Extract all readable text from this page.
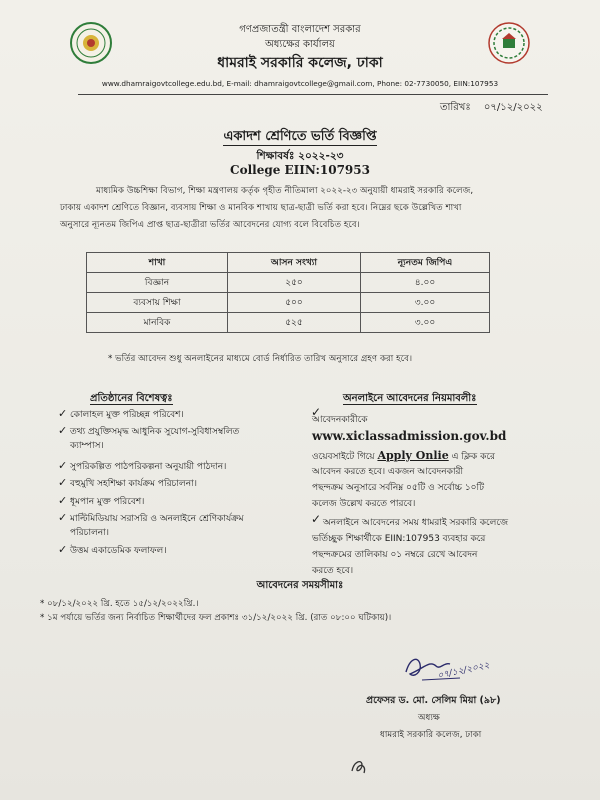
গণপ্রজাতন্ত্রী বাংলাদেশ সরকার
অধ্যক্ষের কার্যালয়
ধামরাই সরকারি কলেজ, ঢাকা
www.dhamraigovtcollege.edu.bd, E-mail: dhamraigovtcollege@gmail.com, Phone: 02-7730050, EIIN:107953
তারিখঃ ০৭/১২/২০২২
একাদশ শ্রেণিতে ভর্তি বিজ্ঞপ্তি
শিক্ষাবর্ষঃ ২০২২-২৩
College EIIN:107953
মাধ্যমিক উচ্চশিক্ষা বিভাগ, শিক্ষা মন্ত্রণালয় কর্তৃক গৃহীত নীতিমালা ২০২২-২৩ অনুযায়ী ধামরাই সরকারি কলেজ,
ঢাকায় একাদশ শ্রেণিতে বিজ্ঞান, ব্যবসায় শিক্ষা ও মানবিক শাখায় ছাত্র-ছাত্রী ভর্তি করা হবে। নিম্নের ছকে উল্লেখিত শাখা
অনুসারে ন্যূনতম জিপিএ প্রাপ্ত ছাত্র-ছাত্রীরা ভর্তির আবেদনের যোগ্য বলে বিবেচিত হবে।
শাখা	আসন সংখ্যা	ন্যূনতম জিপিএ
বিজ্ঞান	২৫০	৪.০০
ব্যবসায় শিক্ষা	৫০০	৩.০০
মানবিক	৫২৫	৩.০০
* ভর্তির আবেদন শুধু অনলাইনের মাধ্যমে বোর্ড নির্ধারিত তারিখ অনুসারে গ্রহণ করা হবে।
প্রতিষ্ঠানের বিশেষত্বঃ	অনলাইনে আবেদনের নিয়মাবলীঃ
✓ কোলাহল মুক্ত পরিচ্ছন্ন পরিবেশ।
✓ তথ্য প্রযুক্তিসমৃদ্ধ আধুনিক সুযোগ-সুবিধাসম্বলিত
ক্যাম্পাস।
✓ সুপরিকল্পিত পাঠপরিকল্পনা অনুযায়ী পাঠদান।
✓ বহুমুখি সহশিক্ষা কার্যক্রম পরিচালনা।
✓ ধূমপান মুক্ত পরিবেশ।
✓ মাল্টিমিডিয়ায় সরাসরি ও অনলাইনে শ্রেণিকার্যক্রম
পরিচালনা।
✓ উত্তম একাডেমিক ফলাফল।
✓
আবেদনকারীকে
www.xiclassadmission.gov.bd
ওয়েবসাইটে গিয়ে Apply Onlie এ ক্লিক করে
আবেদন করতে হবে। একজন আবেদনকারী
পছন্দক্রম অনুসারে সর্বনিম্ন ০৫টি ও সর্বোচ্চ ১০টি
কলেজ উল্লেখ করতে পারবে।
✓ অনলাইনে আবেদনের সময় ধামরাই সরকারি কলেজে
ভর্তিচ্ছুক শিক্ষার্থীকে EIIN:107953 ব্যবহার করে
পছন্দক্রমের তালিকায় ০১ নম্বরে রেখে আবেদন
করতে হবে।
আবেদনের সময়সীমাঃ
* ০৮/১২/২০২২ খ্রি. হতে ১৫/১২/২০২২খ্রি.।
* ১ম পর্যায়ে ভর্তির জন্য নির্বাচিত শিক্ষার্থীদের ফল প্রকাশঃ ৩১/১২/২০২২ খ্রি. (রাত ০৮:০০ ঘটিকায়)।
০৭/১২/২০২২
প্রফেসর ড. মো. সেলিম মিয়া (৯৮)
অধ্যক্ষ
ধামরাই সরকারি কলেজ, ঢাকা
